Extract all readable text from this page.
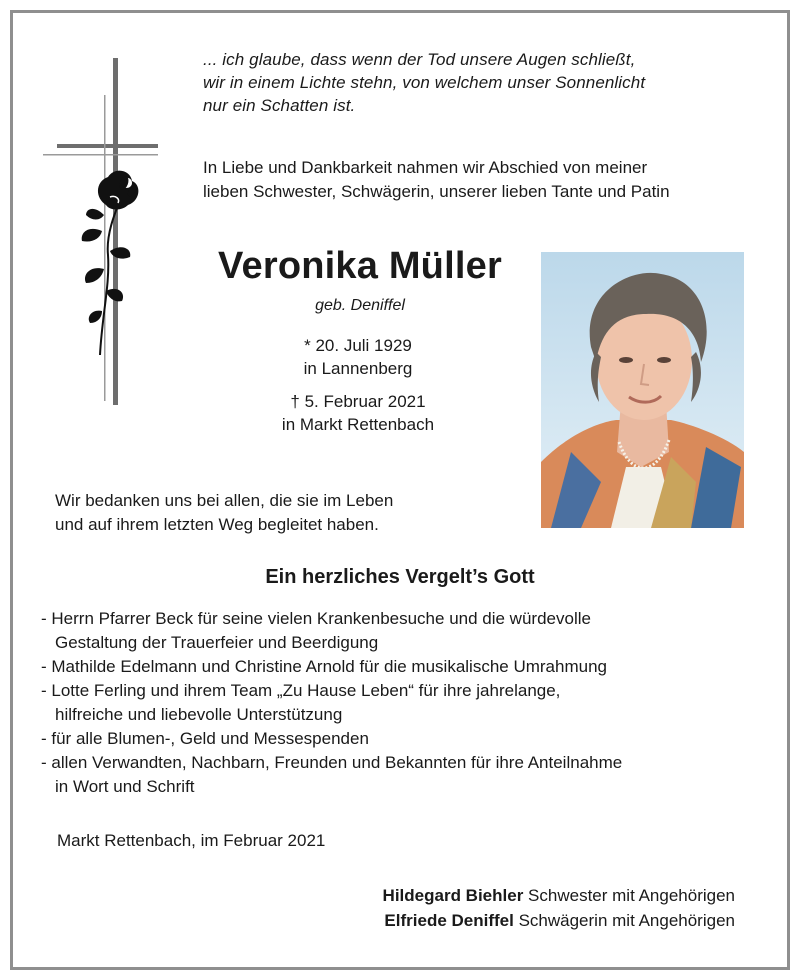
... ich glaube, dass wenn der Tod unsere Augen schließt,
wir in einem Lichte stehn, von welchem unser Sonnenlicht
nur ein Schatten ist.
In Liebe und Dankbarkeit nahmen wir Abschied von meiner
lieben Schwester, Schwägerin, unserer lieben Tante und Patin
Veronika Müller
geb. Deniffel
* 20. Juli 1929
in Lannenberg
† 5. Februar 2021
in Markt Rettenbach
Wir bedanken uns bei allen, die sie im Leben
und auf ihrem letzten Weg begleitet haben.
Ein herzliches Vergelt’s Gott
- Herrn Pfarrer Beck für seine vielen Krankenbesuche und die würdevolle
Gestaltung der Trauerfeier und Beerdigung
- Mathilde Edelmann und Christine Arnold für die musikalische Umrahmung
- Lotte Ferling und ihrem Team „Zu Hause Leben“ für ihre jahrelange,
hilfreiche und liebevolle Unterstützung
- für alle Blumen-, Geld und Messespenden
- allen Verwandten, Nachbarn, Freunden und Bekannten für ihre Anteilnahme
in Wort und Schrift
Markt Rettenbach, im Februar 2021
Hildegard Biehler Schwester mit Angehörigen
Elfriede Deniffel Schwägerin mit Angehörigen
